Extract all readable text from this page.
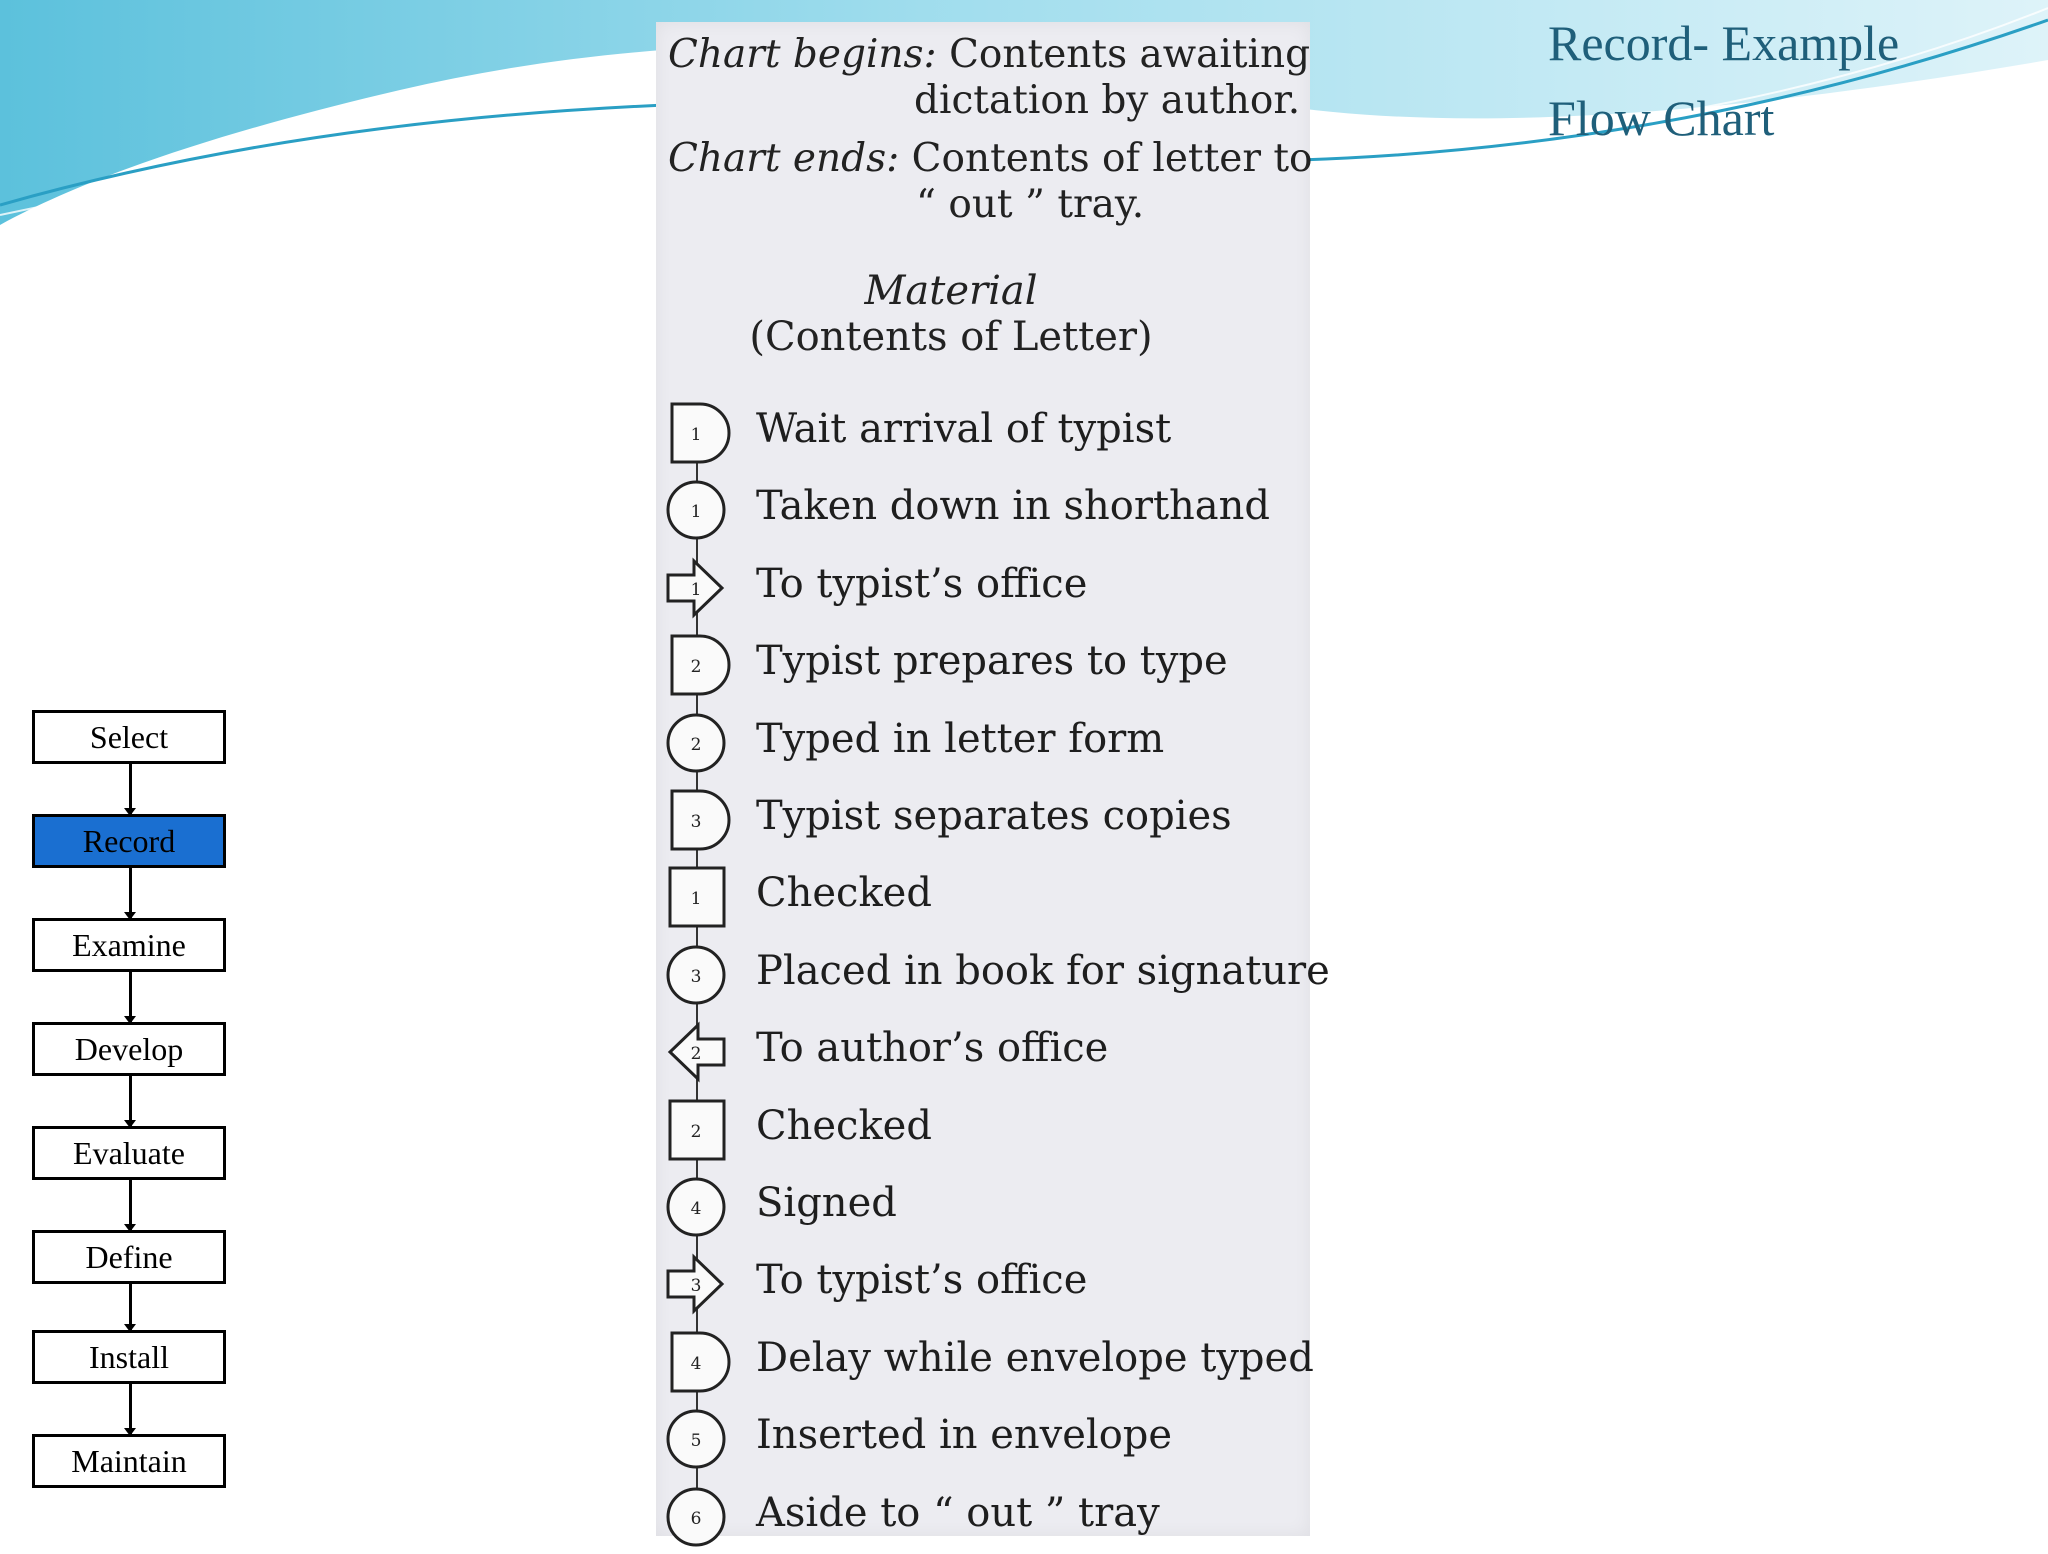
Record- Example
Flow Chart
Select
Record
Examine
Develop
Evaluate
Define
Install
Maintain
Chart begins: Contents awaiting
dictation by author.
Chart ends: Contents of letter to
“ out ” tray.
Material
(Contents of Letter)
1 Wait arrival of typist
1 Taken down in shorthand
1 To typist’s office
2 Typist prepares to type
2 Typed in letter form
3 Typist separates copies
1 Checked
3 Placed in book for signature
2 To author’s office
2 Checked
4 Signed
3 To typist’s office
4 Delay while envelope typed
5 Inserted in envelope
6 Aside to “ out ” tray
